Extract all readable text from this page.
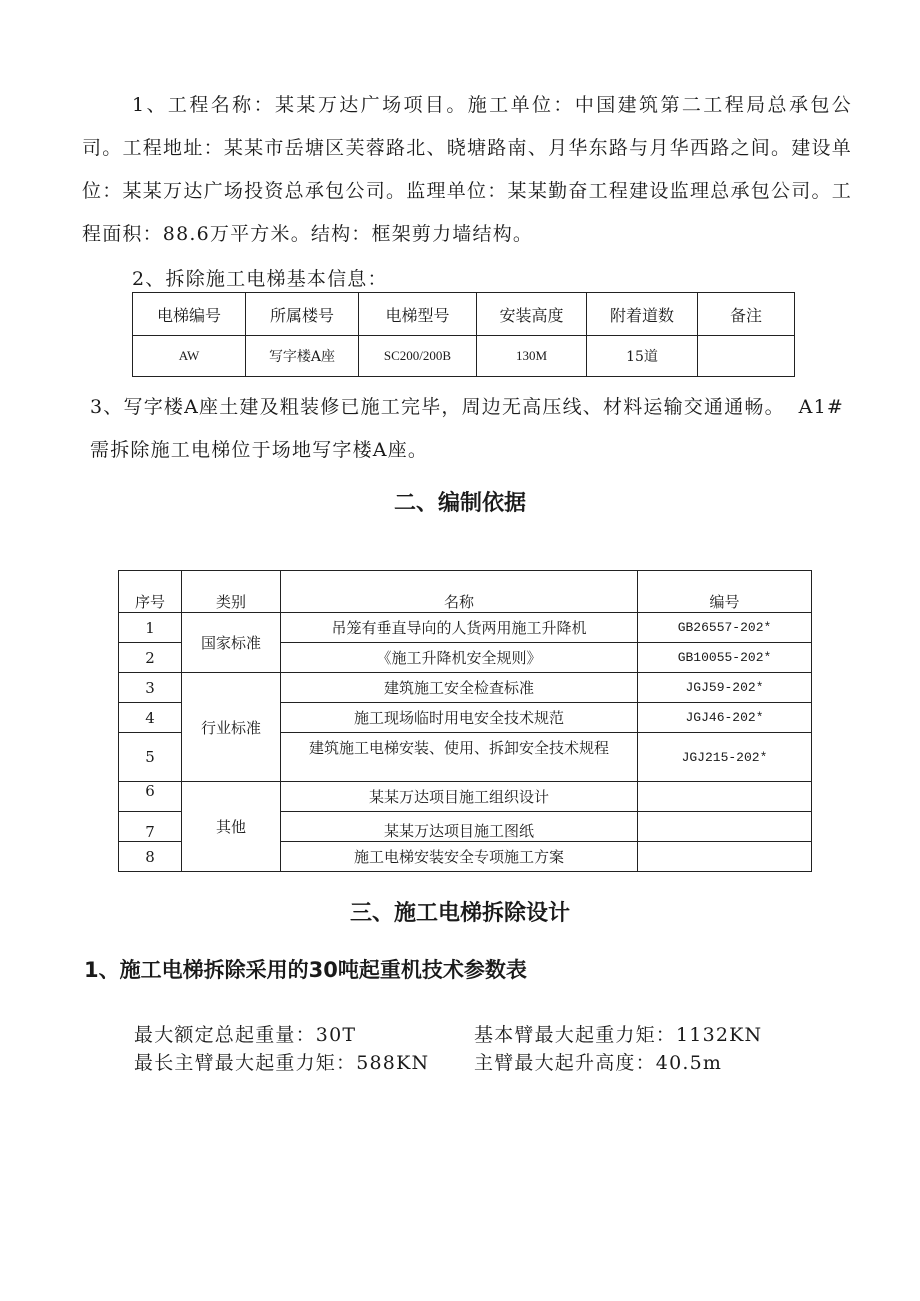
1、工程名称：某某万达广场项目。施工单位：中国建筑第二工程局总承包公司。工程地址：某某市岳塘区芙蓉路北、晓塘路南、月华东路与月华西路之间。建设单位：某某万达广场投资总承包公司。监理单位：某某勤奋工程建设监理总承包公司。工程面积：88.6万平方米。结构：框架剪力墙结构。

2、拆除施工电梯基本信息：

电梯编号	所属楼号	电梯型号	安装高度	附着道数	备注
AW	写字楼A座	SC200/200B	130M	15道	
3、写字楼A座土建及粗装修已施工完毕，周边无高压线、材料运输交通通畅。 A1#
需拆除施工电梯位于场地写字楼A座。
二、编制依据
序号	类别	名称	编号
1	国家标准	吊笼有垂直导向的人货两用施工升降机	GB26557-202*
2		《施工升降机安全规则》	GB10055-202*
3	行业标准	建筑施工安全检查标准	JGJ59-202*
4		施工现场临时用电安全技术规范	JGJ46-202*
5		建筑施工电梯安装、使用、拆卸安全技术规程	JGJ215-202*
6	其他	某某万达项目施工组织设计	
7		某某万达项目施工图纸	
8		施工电梯安装安全专项施工方案	
三、施工电梯拆除设计
1、施工电梯拆除采用的30吨起重机技术参数表

最大额定总起重量：30T	基本臂最大起重力矩：1132KN

最长主臂最大起重力矩：588KN 主臂最大起升高度：40.5m
